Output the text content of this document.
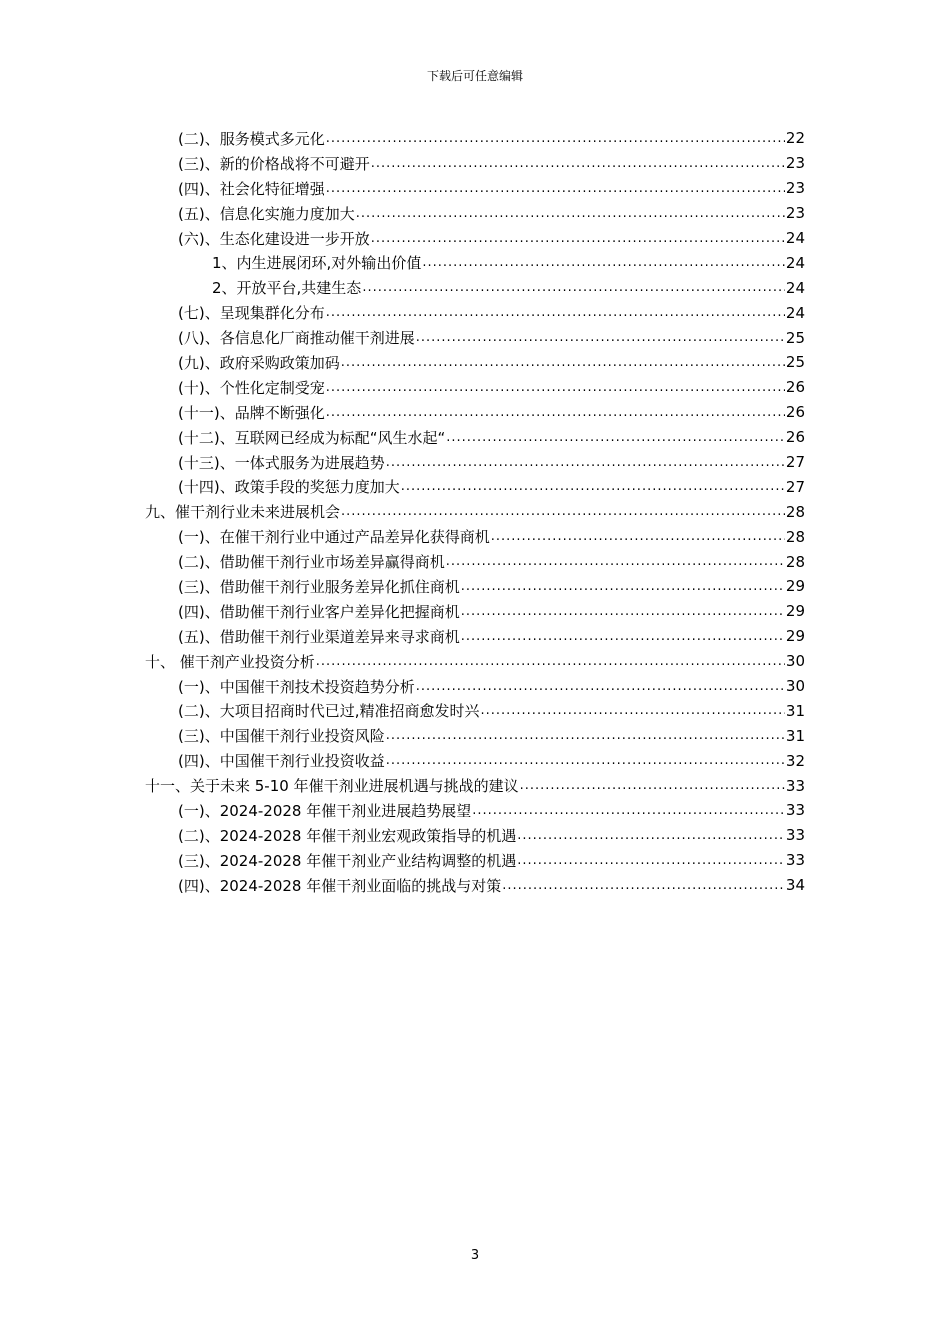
下载后可任意编辑
(二)、服务模式多元化 .....	22
(三)、新的价格战将不可避开 .....	23
(四)、社会化特征增强 .....	23
(五)、信息化实施力度加大 .....	23
(六)、生态化建设进一步开放 .....	24
1、内生进展闭环,对外输出价值 .....	24
2、开放平台,共建生态 .....	24
(七)、呈现集群化分布 .....	24
(八)、各信息化厂商推动催干剂进展 .....	25
(九)、政府采购政策加码 .....	25
(十)、个性化定制受宠 .....	26
(十一)、品牌不断强化 .....	26
(十二)、互联网已经成为标配“风生水起“ .....	26
(十三)、一体式服务为进展趋势 .....	27
(十四)、政策手段的奖惩力度加大 .....	27
九、催干剂行业未来进展机会 .....	28
(一)、在催干剂行业中通过产品差异化获得商机 .....	28
(二)、借助催干剂行业市场差异赢得商机 .....	28
(三)、借助催干剂行业服务差异化抓住商机 .....	29
(四)、借助催干剂行业客户差异化把握商机 .....	29
(五)、借助催干剂行业渠道差异来寻求商机 .....	29
十、 催干剂产业投资分析 .....	30
(一)、中国催干剂技术投资趋势分析 .....	30
(二)、大项目招商时代已过,精准招商愈发时兴 .....	31
(三)、中国催干剂行业投资风险 .....	31
(四)、中国催干剂行业投资收益 .....	32
十一、关于未来 5-10 年催干剂业进展机遇与挑战的建议 .....	33
(一)、2024-2028 年催干剂业进展趋势展望 .....	33
(二)、2024-2028 年催干剂业宏观政策指导的机遇 .....	33
(三)、2024-2028 年催干剂业产业结构调整的机遇 .....	33
(四)、2024-2028 年催干剂业面临的挑战与对策 .....	34
3
